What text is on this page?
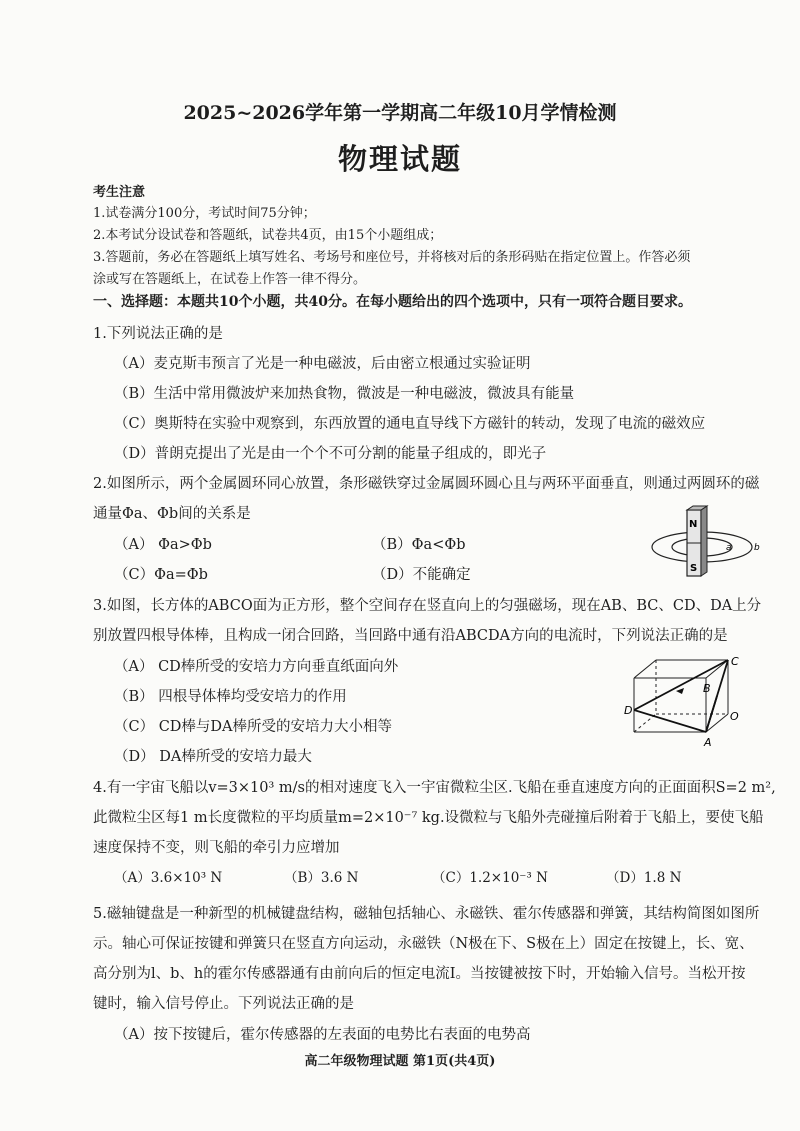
2025~2026学年第一学期高二年级10月学情检测
物理试题
考生注意
1.试卷满分100分，考试时间75分钟；
2.本考试分设试卷和答题纸，试卷共4页，由15个小题组成；
3.答题前，务必在答题纸上填写姓名、考场号和座位号，并将核对后的条形码贴在指定位置上。作答必须
涂或写在答题纸上，在试卷上作答一律不得分。
一、选择题：本题共10个小题，共40分。在每小题给出的四个选项中，只有一项符合题目要求。
1.下列说法正确的是
（A）麦克斯韦预言了光是一种电磁波，后由密立根通过实验证明
（B）生活中常用微波炉来加热食物，微波是一种电磁波，微波具有能量
（C）奥斯特在实验中观察到，东西放置的通电直导线下方磁针的转动，发现了电流的磁效应
（D）普朗克提出了光是由一个个不可分割的能量子组成的，即光子
2.如图所示，两个金属圆环同心放置，条形磁铁穿过金属圆环圆心且与两环平面垂直，则通过两圆环的磁
通量Φa、Φb间的关系是
（A） Φa>Φb	（B）Φa<Φb
（C）Φa=Φb	（D）不能确定
N
S
a b
3.如图，长方体的ABCO面为正方形，整个空间存在竖直向上的匀强磁场，现在AB、BC、CD、DA上分
别放置四根导体棒，且构成一闭合回路，当回路中通有沿ABCDA方向的电流时，下列说法正确的是
（A） CD棒所受的安培力方向垂直纸面向外
（B） 四根导体棒均受安培力的作用
（C） CD棒与DA棒所受的安培力大小相等
（D） DA棒所受的安培力最大
C
B
D	O
A
4.有一宇宙飞船以v=3×10³ m/s的相对速度飞入一宇宙微粒尘区.飞船在垂直速度方向的正面面积S=2 m²,
此微粒尘区每1 m长度微粒的平均质量m=2×10⁻⁷ kg.设微粒与飞船外壳碰撞后附着于飞船上，要使飞船
速度保持不变，则飞船的牵引力应增加
（A）3.6×10³ N	（B）3.6 N	（C）1.2×10⁻³ N	（D）1.8 N
5.磁轴键盘是一种新型的机械键盘结构，磁轴包括轴心、永磁铁、霍尔传感器和弹簧，其结构简图如图所
示。轴心可保证按键和弹簧只在竖直方向运动，永磁铁（N极在下、S极在上）固定在按键上，长、宽、
高分别为l、b、h的霍尔传感器通有由前向后的恒定电流I。当按键被按下时，开始输入信号。当松开按
键时，输入信号停止。下列说法正确的是
（A）按下按键后，霍尔传感器的左表面的电势比右表面的电势高
高二年级物理试题 第1页(共4页)
